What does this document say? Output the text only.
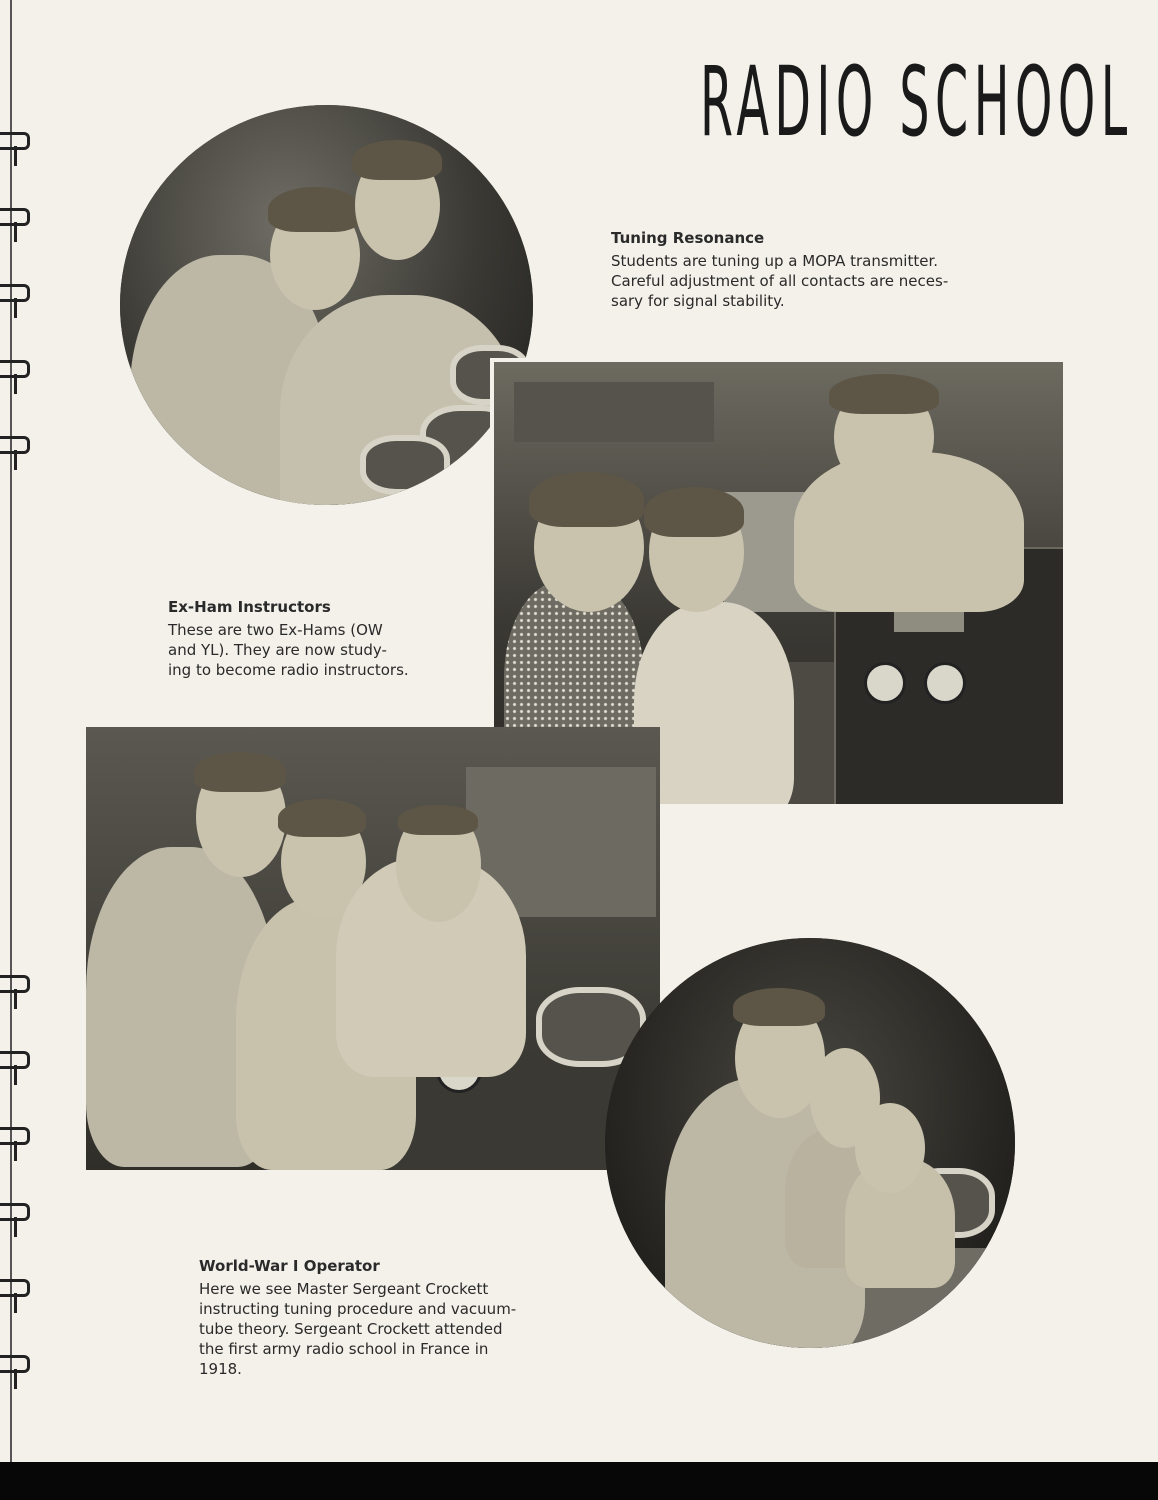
RADIO SCHOOL
Tuning Resonance
Students are tuning up a MOPA transmitter.
Careful adjustment of all contacts are neces-
sary for signal stability.
Ex-Ham Instructors
These are two Ex-Hams (OW
and YL). They are now study-
ing to become radio instructors.
World-War I Operator
Here we see Master Sergeant Crockett
instructing tuning procedure and vacuum-
tube theory. Sergeant Crockett attended
the first army radio school in France in
1918.
